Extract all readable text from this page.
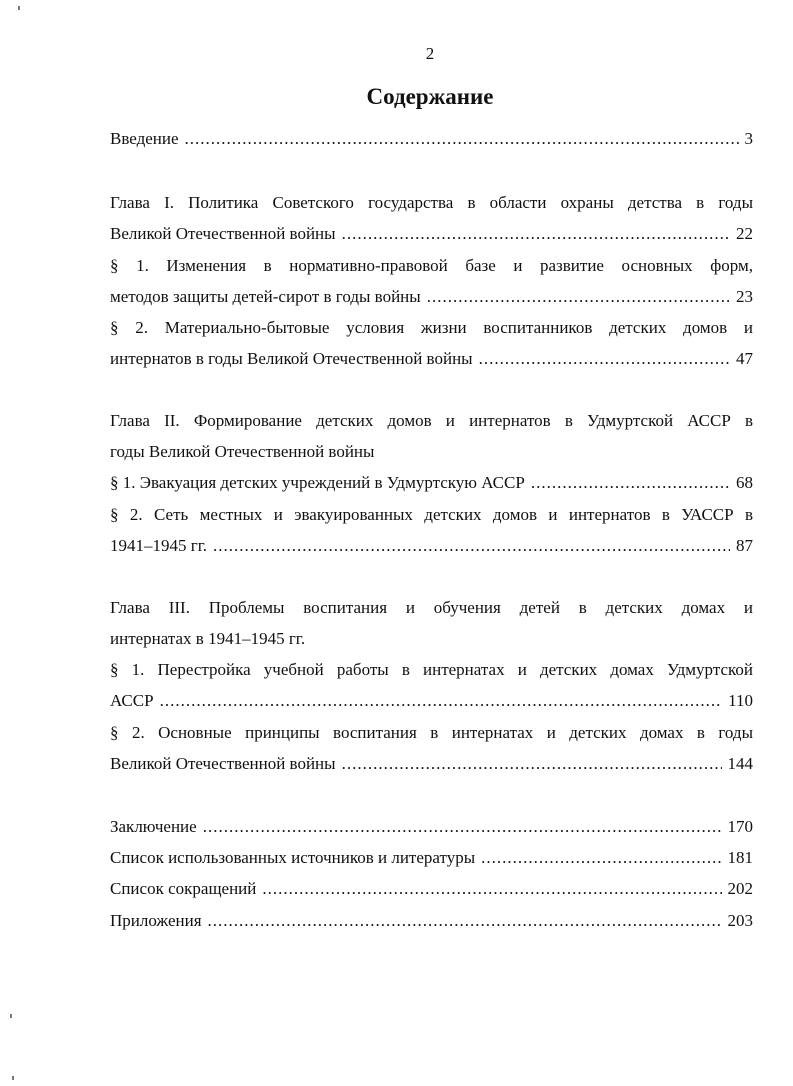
2
Содержание
Введение .....	3
Глава I. Политика Советского государства в области охраны детства в годы
Великой Отечественной войны .....	22
§ 1. Изменения в нормативно-правовой базе и развитие основных форм,
методов защиты детей-сирот в годы войны .....	23
§ 2. Материально-бытовые условия жизни воспитанников детских домов и
интернатов в годы Великой Отечественной войны .....	47
Глава II. Формирование детских домов и интернатов в Удмуртской АССР в
годы Великой Отечественной войны
§ 1. Эвакуация детских учреждений в Удмуртскую АССР .....	68
§ 2. Сеть местных и эвакуированных детских домов и интернатов в УАССР в
1941–1945 гг. .....	87
Глава III. Проблемы воспитания и обучения детей в детских домах и
интернатах в 1941–1945 гг.
§ 1. Перестройка учебной работы в интернатах и детских домах Удмуртской
АССР .....	110
§ 2. Основные принципы воспитания в интернатах и детских домах в годы
Великой Отечественной войны .....	144
Заключение .....	170
Список использованных источников и литературы .....	181
Список сокращений .....	202
Приложения .....	203
